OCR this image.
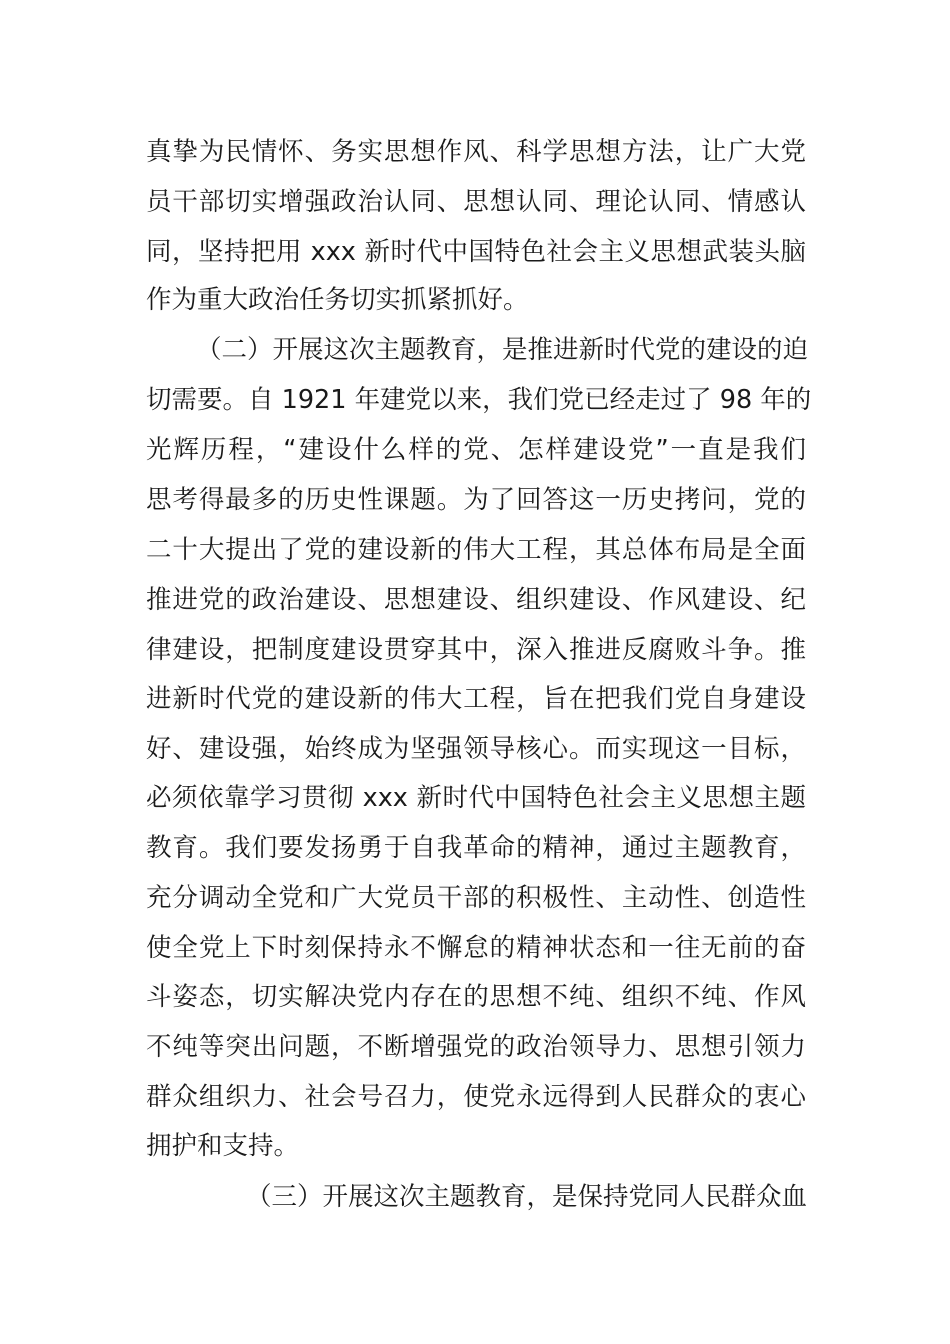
真挚为民情怀、务实思想作风、科学思想方法，让广大党
员干部切实增强政治认同、思想认同、理论认同、情感认
同，坚持把用 xxx 新时代中国特色社会主义思想武装头脑
作为重大政治任务切实抓紧抓好。
（二）开展这次主题教育，是推进新时代党的建设的迫
切需要。自 1921 年建党以来，我们党已经走过了 98 年的
光辉历程，“建设什么样的党、怎样建设党”一直是我们
思考得最多的历史性课题。为了回答这一历史拷问，党的
二十大提出了党的建设新的伟大工程，其总体布局是全面
推进党的政治建设、思想建设、组织建设、作风建设、纪
律建设，把制度建设贯穿其中，深入推进反腐败斗争。推
进新时代党的建设新的伟大工程，旨在把我们党自身建设
好、建设强，始终成为坚强领导核心。而实现这一目标，
必须依靠学习贯彻 xxx 新时代中国特色社会主义思想主题
教育。我们要发扬勇于自我革命的精神，通过主题教育，
充分调动全党和广大党员干部的积极性、主动性、创造性
使全党上下时刻保持永不懈怠的精神状态和一往无前的奋
斗姿态，切实解决党内存在的思想不纯、组织不纯、作风
不纯等突出问题，不断增强党的政治领导力、思想引领力
群众组织力、社会号召力，使党永远得到人民群众的衷心
拥护和支持。
（三）开展这次主题教育，是保持党同人民群众血
